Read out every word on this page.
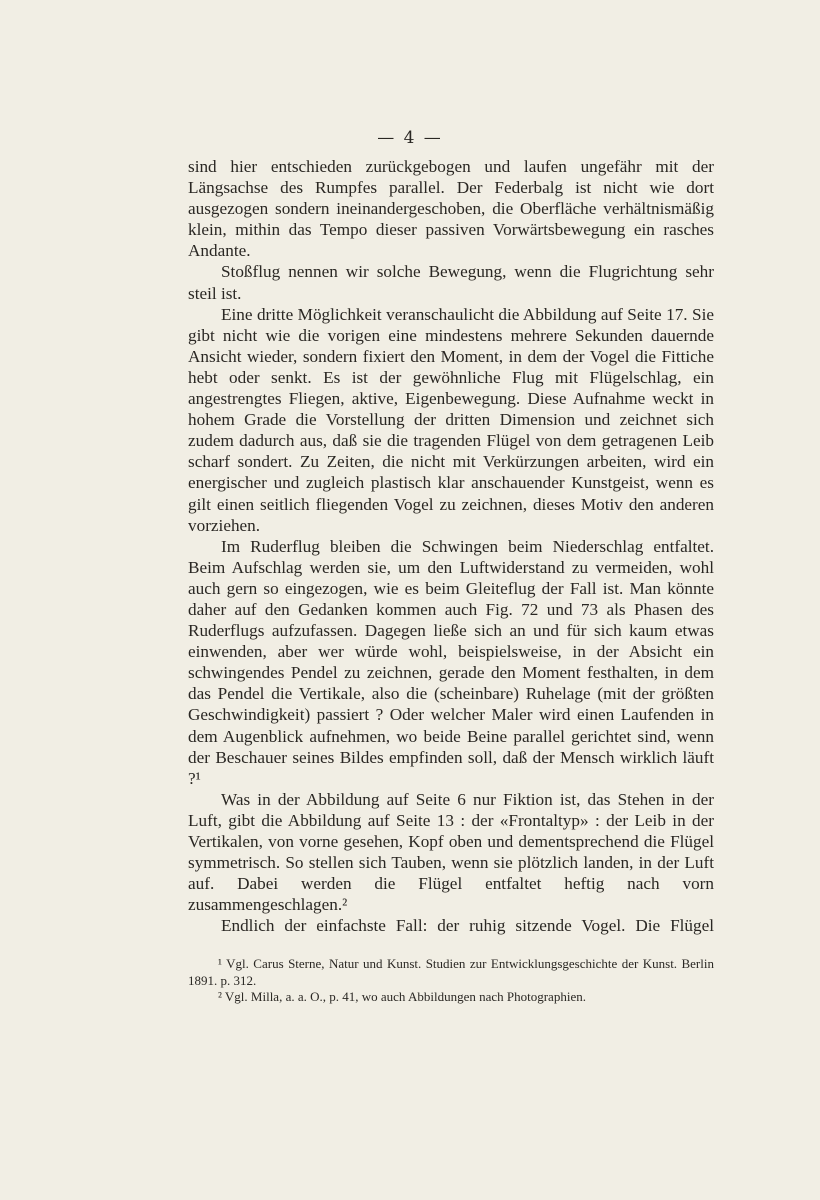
— 4 —

sind hier entschieden zurückgebogen und laufen ungefähr mit der Längsachse des Rumpfes parallel. Der Federbalg ist nicht wie dort ausgezogen sondern ineinandergeschoben, die Oberfläche verhältnismäßig klein, mithin das Tempo dieser passiven Vorwärtsbewegung ein rasches Andante.

Stoßflug nennen wir solche Bewegung, wenn die Flugrichtung sehr steil ist.

Eine dritte Möglichkeit veranschaulicht die Abbildung auf Seite 17. Sie gibt nicht wie die vorigen eine mindestens mehrere Sekunden dauernde Ansicht wieder, sondern fixiert den Moment, in dem der Vogel die Fittiche hebt oder senkt. Es ist der gewöhnliche Flug mit Flügelschlag, ein angestrengtes Fliegen, aktive, Eigenbewegung. Diese Aufnahme weckt in hohem Grade die Vorstellung der dritten Dimension und zeichnet sich zudem dadurch aus, daß sie die tragenden Flügel von dem getragenen Leib scharf sondert. Zu Zeiten, die nicht mit Verkürzungen arbeiten, wird ein energischer und zugleich plastisch klar anschauender Kunstgeist, wenn es gilt einen seitlich fliegenden Vogel zu zeichnen, dieses Motiv den anderen vorziehen.

Im Ruderflug bleiben die Schwingen beim Niederschlag entfaltet. Beim Aufschlag werden sie, um den Luftwiderstand zu vermeiden, wohl auch gern so eingezogen, wie es beim Gleiteflug der Fall ist. Man könnte daher auf den Gedanken kommen auch Fig. 72 und 73 als Phasen des Ruderflugs aufzufassen. Dagegen ließe sich an und für sich kaum etwas einwenden, aber wer würde wohl, beispielsweise, in der Absicht ein schwingendes Pendel zu zeichnen, gerade den Moment festhalten, in dem das Pendel die Vertikale, also die (scheinbare) Ruhelage (mit der größten Geschwindigkeit) passiert ? Oder welcher Maler wird einen Laufenden in dem Augenblick aufnehmen, wo beide Beine parallel gerichtet sind, wenn der Beschauer seines Bildes empfinden soll, daß der Mensch wirklich läuft ?¹

Was in der Abbildung auf Seite 6 nur Fiktion ist, das Stehen in der Luft, gibt die Abbildung auf Seite 13 : der «Frontaltyp» : der Leib in der Vertikalen, von vorne gesehen, Kopf oben und dementsprechend die Flügel symmetrisch. So stellen sich Tauben, wenn sie plötzlich landen, in der Luft auf. Dabei werden die Flügel entfaltet heftig nach vorn zusammengeschlagen.²

Endlich der einfachste Fall: der ruhig sitzende Vogel. Die Flügel

¹ Vgl. Carus Sterne, Natur und Kunst. Studien zur Entwicklungsgeschichte der Kunst. Berlin 1891. p. 312.

² Vgl. Milla, a. a. O., p. 41, wo auch Abbildungen nach Photographien.
